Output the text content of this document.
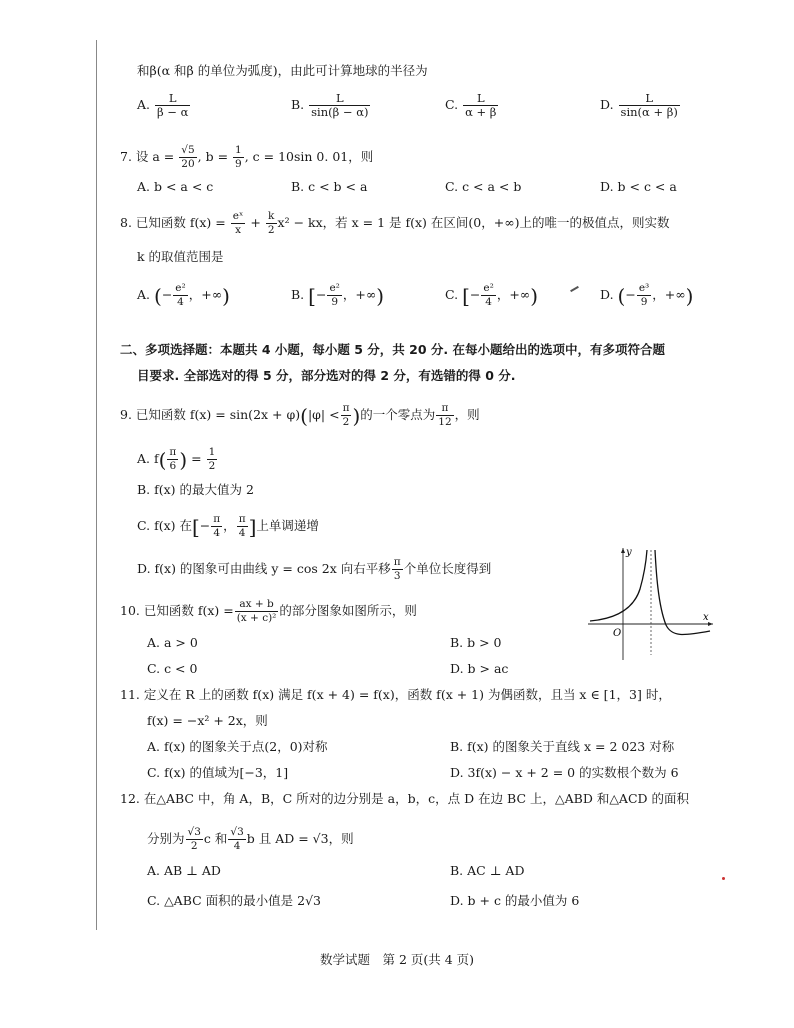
和β(α 和β 的单位为弧度)，由此可计算地球的半径为
A. $\frac{L}{\beta - \alpha}$	B. $\frac{L}{\sin(\beta - \alpha)}$	C. $\frac{L}{\alpha + \beta}$	D. $\frac{L}{\sin(\alpha + \beta)}$
7. 设 $a = \frac{√5}{20}$ , $b = \frac{1}{9}$ , c = 10sin 0. 01，则
A. b < a < c	B. c < b < a	C. c < a < b	D. b < c < a
8. 已知函数 $f(x) = \frac{\text{eˣ}}{x} + \frac{k}{2} x^2$ − kx，若 x = 1 是 f(x) 在区间(0，+∞)上的唯一的极值点，则实数
k 的取值范围是
A. (− $\frac{\text{e²}}{4}$ ，+∞)	B. [− $\frac{\text{e²}}{9}$ ，+∞)	C. [− $\frac{\text{e²}}{4}$ ，+∞)	D. (− $\frac{\text{e³}}{9}$ ，+∞)
二、多项选择题：本题共 4 小题，每小题 5 分，共 20 分. 在每小题给出的选项中，有多项符合题
目要求. 全部选对的得 5 分，部分选对的得 2 分，有选错的得 0 分.
9. 已知函数 $f(x) = \sin(2x + \varphi)(|\varphi| < \frac{\pi}{2}$ )的一个零点为 $\frac{\pi}{12}$ ，则
A. $f( \frac{\pi}{6}$ ) = $\frac{1}{2}$
B. f(x) 的最大值为 2
C. f(x) 在[− $\frac{\pi}{4}$ ， $\frac{\pi}{4}$ ]上单调递增
D. f(x) 的图象可由曲线 y = cos 2x 向右平移 $\frac{\pi}{3}$ 个单位长度得到
x
y
O
10. 已知函数 $f(x) = \frac{ax + b}{\text{(x + c)²}}$ 的部分图象如图所示，则
A. a > 0	B. b > 0
C. c < 0	D. b > ac
11. 定义在 R 上的函数 f(x) 满足 f(x + 4) = f(x)，函数 f(x + 1) 为偶函数，且当 x ∈ [1，3] 时，
f(x) = −x² + 2x，则
A. f(x) 的图象关于点(2，0)对称	B. f(x) 的图象关于直线 x = 2 023 对称
C. f(x) 的值域为[−3，1]	D. 3f(x) − x + 2 = 0 的实数根个数为 6
12. 在△ABC 中，角 A，B，C 所对的边分别是 a，b，c，点 D 在边 BC 上，△ABD 和△ACD 的面积
分别为 $\frac{√3}{2}$ c 和 $\frac{√3}{4}$ b 且 AD = √3，则
A. AB ⊥ AD	B. AC ⊥ AD
C. △ABC 面积的最小值是 2√3	D. b + c 的最小值为 6
数学试题　第 2 页(共 4 页)
